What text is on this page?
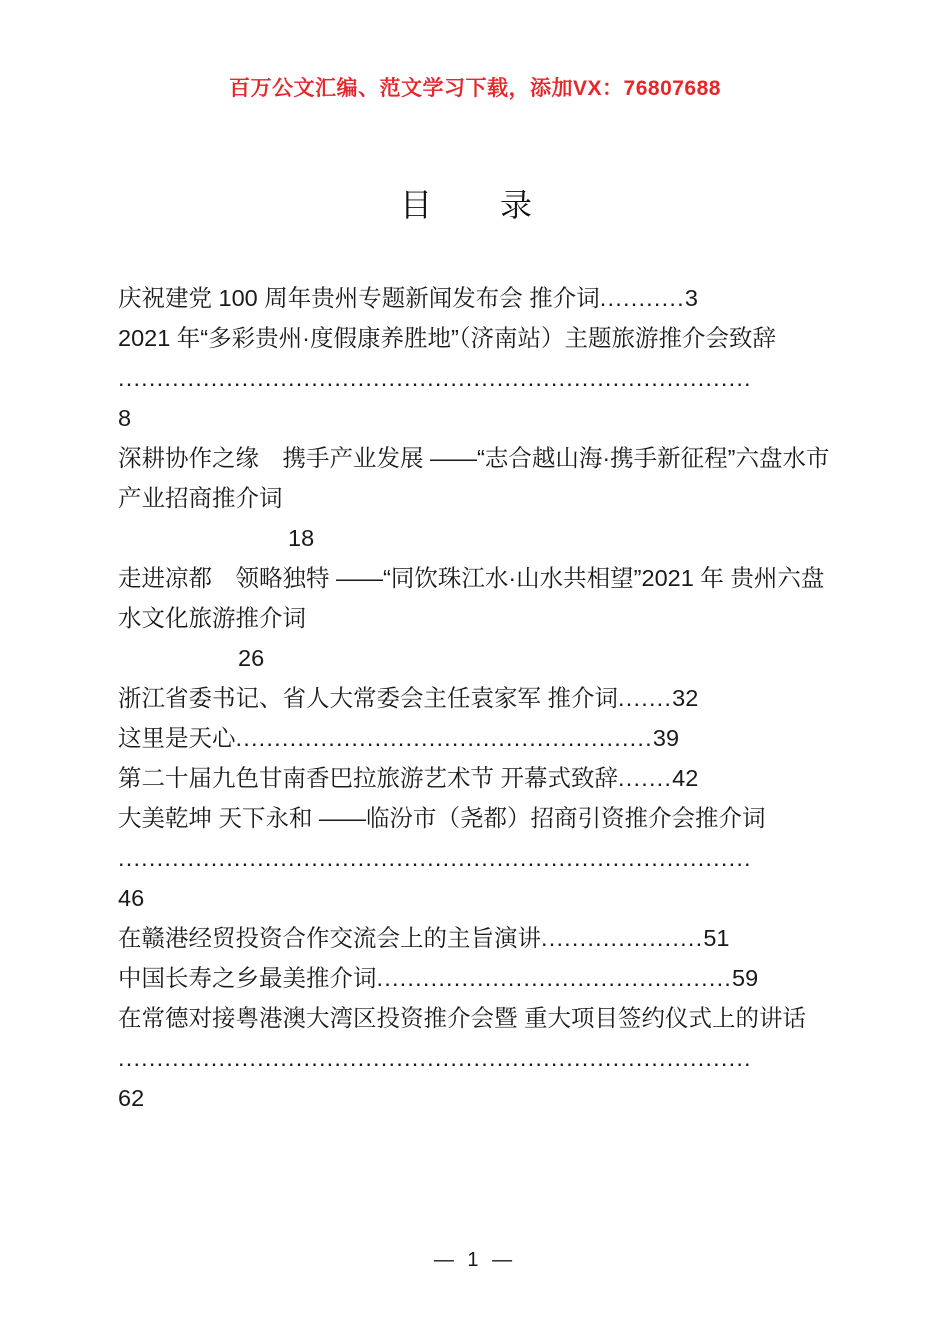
百万公文汇编、范文学习下载，添加VX：76807688
目　录
庆祝建党 100 周年贵州专题新闻发布会 推介词...........3
2021 年“多彩贵州·度假康养胜地”（济南站）主题旅游推介会致辞
..................................................................................
8
深耕协作之缘　携手产业发展 ——“志合越山海·携手新征程”六盘水市 产业招商推介词
18
走进凉都　领略独特 ——“同饮珠江水·山水共相望”2021 年 贵州六盘水文化旅游推介词
26
浙江省委书记、省人大常委会主任袁家军 推介词.......32
这里是天心......................................................39
第二十届九色甘南香巴拉旅游艺术节 开幕式致辞.......42
大美乾坤 天下永和 ——临汾市（尧都）招商引资推介会推介词
..................................................................................
46
在赣港经贸投资合作交流会上的主旨演讲.....................51
中国长寿之乡最美推介词..............................................59
在常德对接粤港澳大湾区投资推介会暨 重大项目签约仪式上的讲话
..................................................................................
62
— 1 —
